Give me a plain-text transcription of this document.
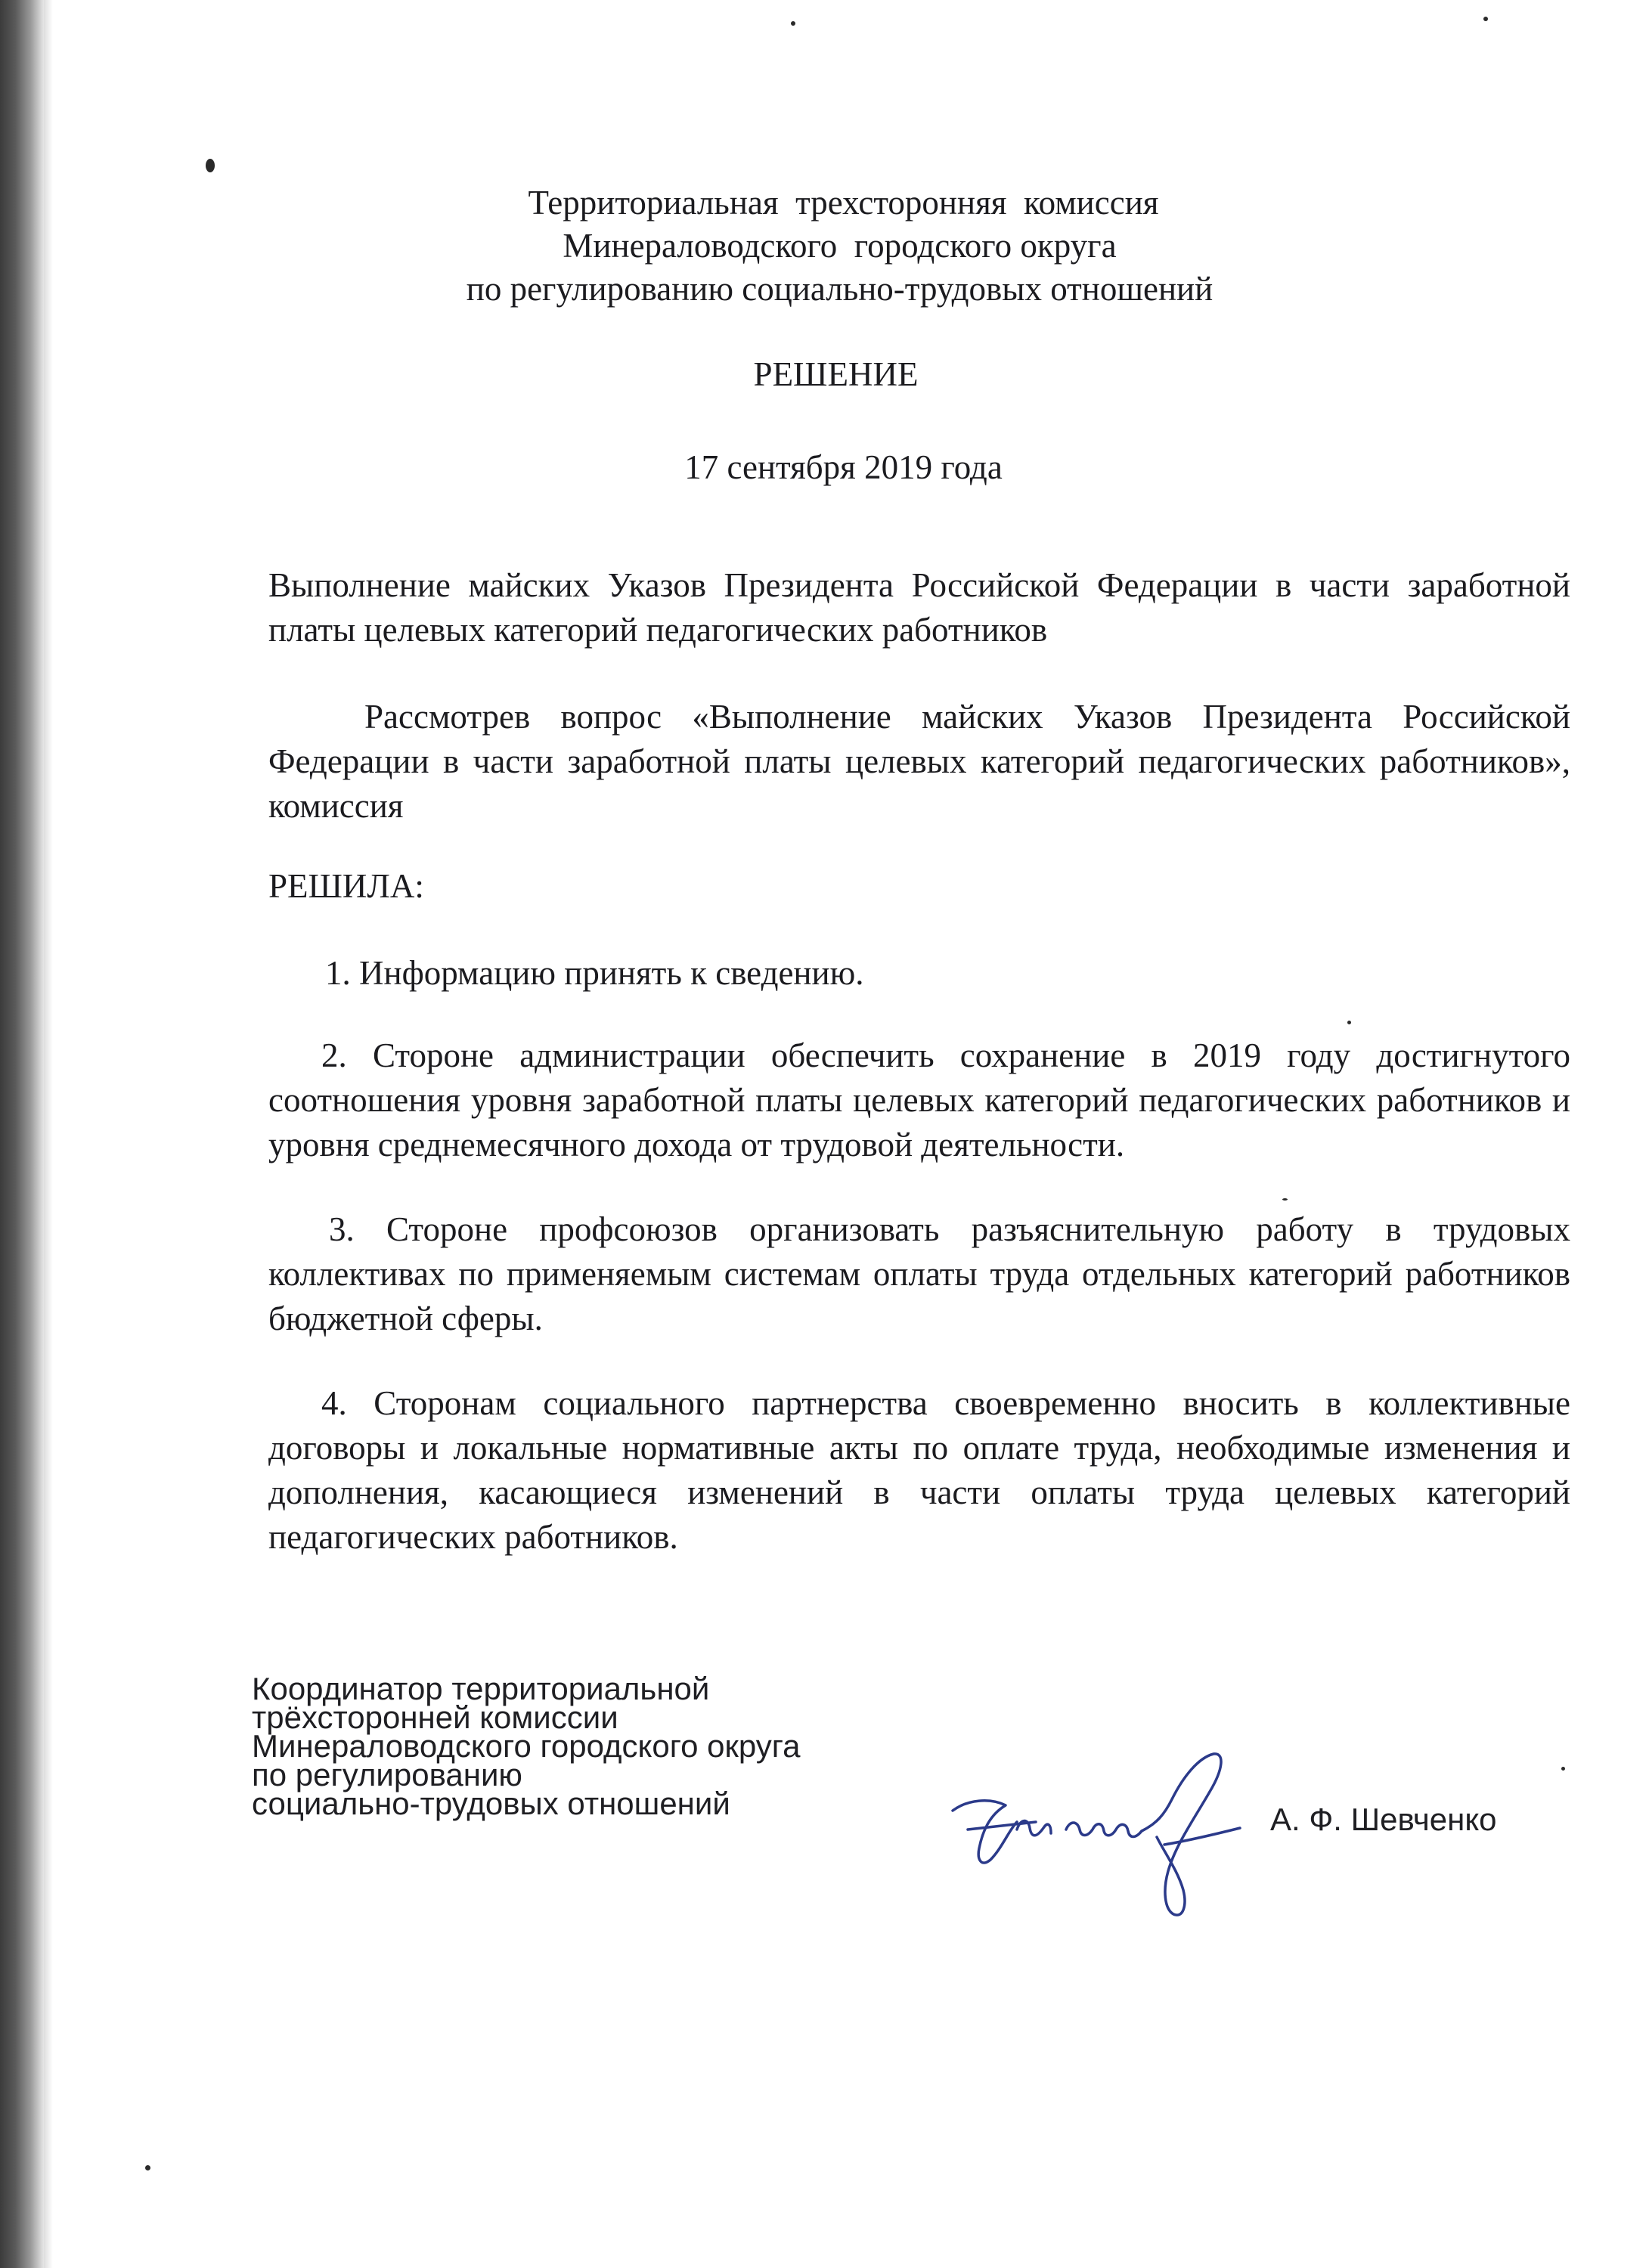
Территориальная  трехсторонняя  комиссия
Минераловодского  городского округа
по регулированию социально-трудовых отношений
РЕШЕНИЕ
17 сентября 2019 года
Выполнение майских Указов Президента Российской Федерации в части заработной платы целевых категорий педагогических работников
Рассмотрев вопрос «Выполнение майских Указов Президента Российской Федерации в части заработной платы целевых категорий педагогических работников», комиссия
РЕШИЛА:
1. Информацию принять к сведению.
2. Стороне администрации обеспечить сохранение в 2019 году достигнутого соотношения уровня заработной платы целевых категорий педагогических работников и уровня среднемесячного дохода от трудовой деятельности.
3. Стороне профсоюзов организовать разъяснительную работу в трудовых коллективах по применяемым системам оплаты труда отдельных категорий работников бюджетной сферы.
4. Сторонам социального партнерства своевременно вносить в коллективные договоры и локальные нормативные акты по оплате труда, необходимые изменения и дополнения, касающиеся изменений в части оплаты труда целевых категорий педагогических работников.
Координатор территориальной
трёхсторонней комиссии
Минераловодского городского округа
по регулированию
социально-трудовых отношений	А. Ф. Шевченко
